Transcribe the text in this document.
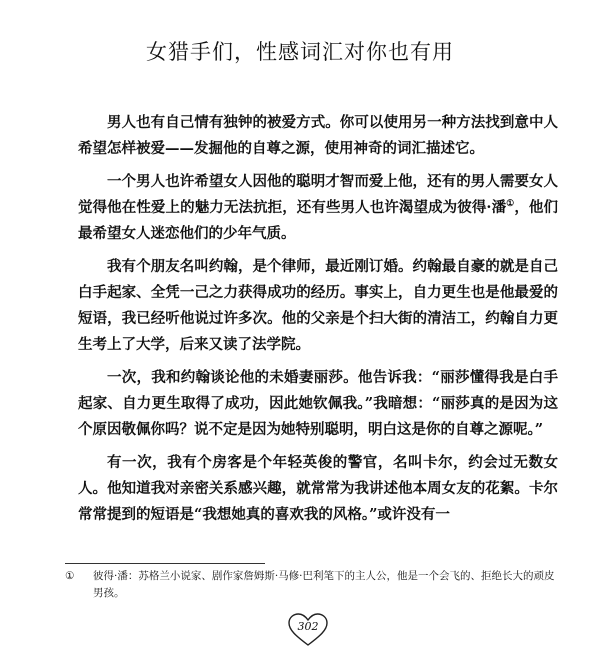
女猎手们，性感词汇对你也有用

男人也有自己情有独钟的被爱方式。你可以使用另一种方法找到意中人希望怎样被爱——发掘他的自尊之源，使用神奇的词汇描述它。

一个男人也许希望女人因他的聪明才智而爱上他，还有的男人需要女人觉得他在性爱上的魅力无法抗拒，还有些男人也许渴望成为彼得·潘①，他们最希望女人迷恋他们的少年气质。

我有个朋友名叫约翰，是个律师，最近刚订婚。约翰最自豪的就是自己白手起家、全凭一己之力获得成功的经历。事实上，自力更生也是他最爱的短语，我已经听他说过许多次。他的父亲是个扫大街的清洁工，约翰自力更生考上了大学，后来又读了法学院。

一次，我和约翰谈论他的未婚妻丽莎。他告诉我：“丽莎懂得我是白手起家、自力更生取得了成功，因此她钦佩我。”我暗想：“丽莎真的是因为这个原因敬佩你吗？说不定是因为她特别聪明，明白这是你的自尊之源呢。”

有一次，我有个房客是个年轻英俊的警官，名叫卡尔，约会过无数女人。他知道我对亲密关系感兴趣，就常常为我讲述他本周女友的花絮。卡尔常常提到的短语是“我想她真的喜欢我的风格。”或许没有一

①	彼得·潘：苏格兰小说家、剧作家詹姆斯·马修·巴利笔下的主人公，他是一个会飞的、拒绝长大的顽皮男孩。
302
